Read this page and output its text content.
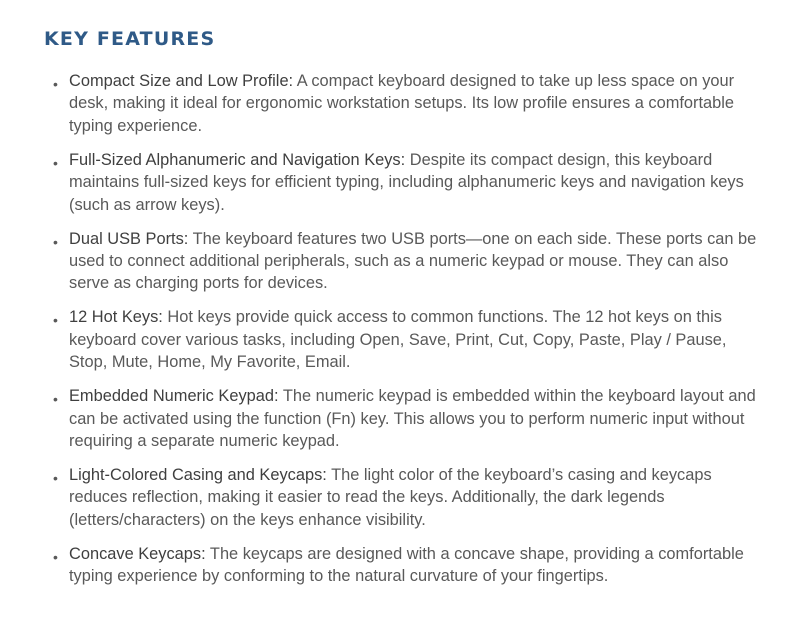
KEY FEATURES
• Compact Size and Low Profile: A compact keyboard designed to take up less space on your desk, making it ideal for ergonomic workstation setups. Its low profile ensures a comfortable typing experience.
• Full-Sized Alphanumeric and Navigation Keys: Despite its compact design, this keyboard maintains full-sized keys for efficient typing, including alphanumeric keys and navigation keys (such as arrow keys).
• Dual USB Ports: The keyboard features two USB ports—one on each side. These ports can be used to connect additional peripherals, such as a numeric keypad or mouse. They can also serve as charging ports for devices.
• 12 Hot Keys: Hot keys provide quick access to common functions. The 12 hot keys on this keyboard cover various tasks, including Open, Save, Print, Cut, Copy, Paste, Play / Pause, Stop, Mute, Home, My Favorite, Email.
• Embedded Numeric Keypad: The numeric keypad is embedded within the keyboard layout and can be activated using the function (Fn) key. This allows you to perform numeric input without requiring a separate numeric keypad.
• Light-Colored Casing and Keycaps: The light color of the keyboard’s casing and keycaps reduces reflection, making it easier to read the keys. Additionally, the dark legends (letters/characters) on the keys enhance visibility.
• Concave Keycaps: The keycaps are designed with a concave shape, providing a comfortable typing experience by conforming to the natural curvature of your fingertips.
